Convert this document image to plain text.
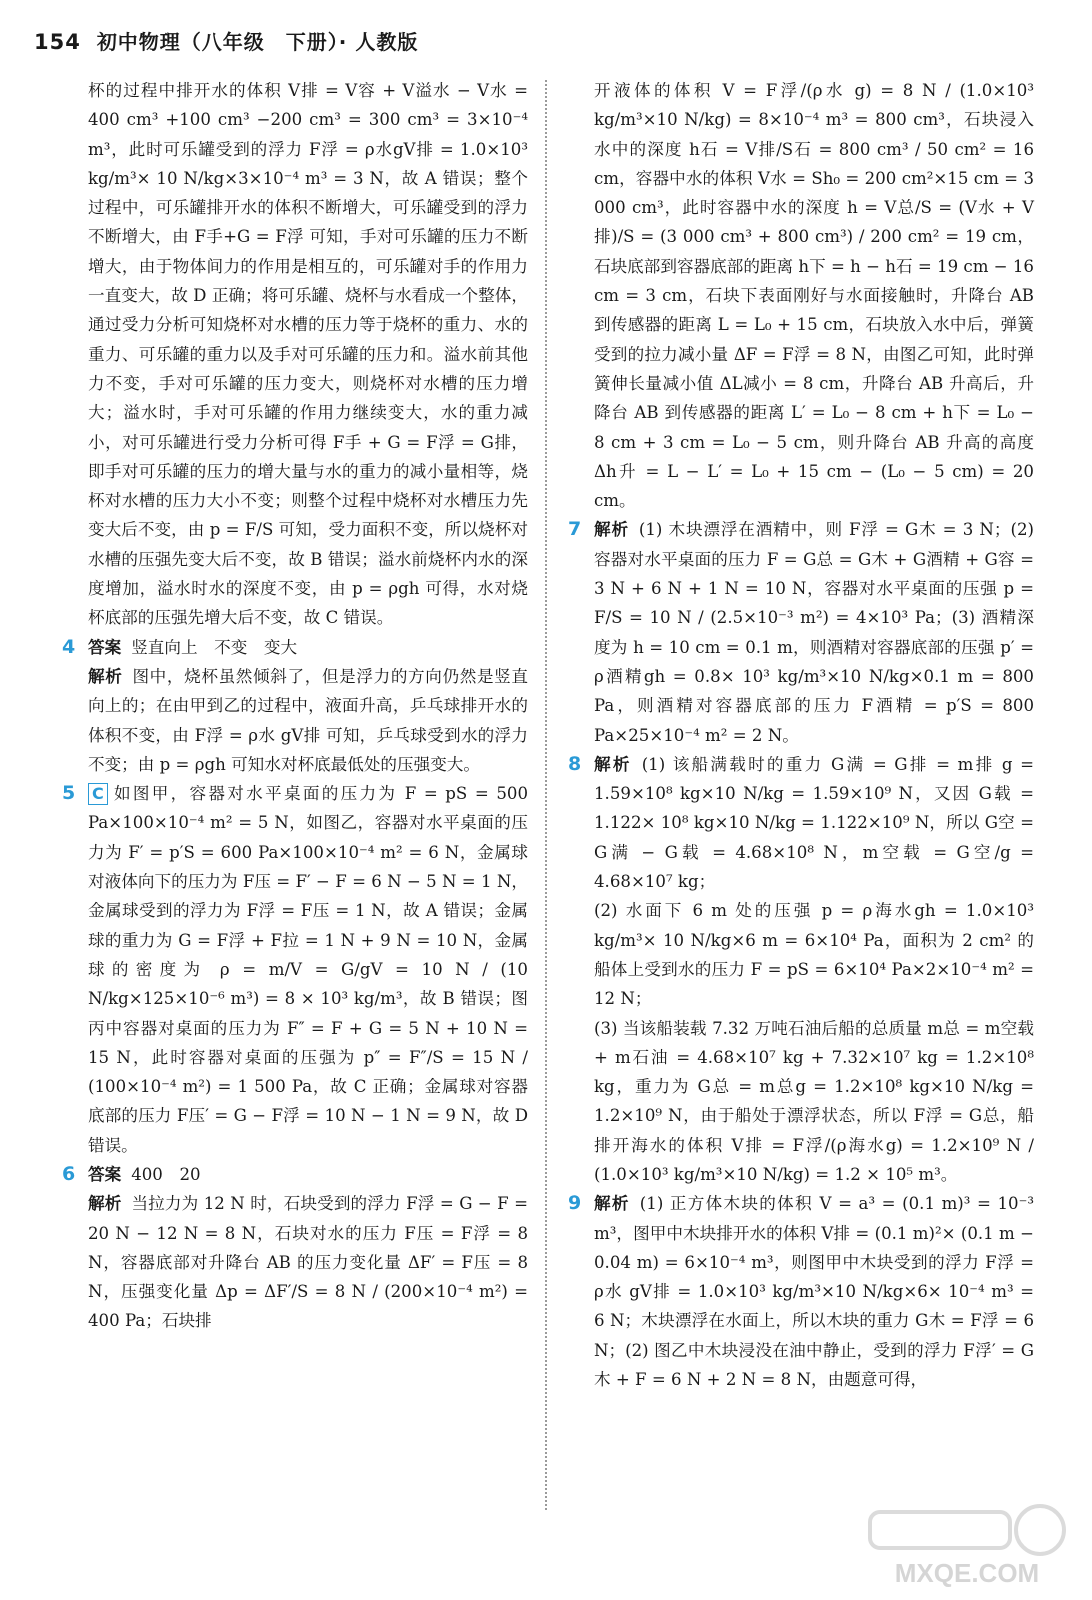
154 初中物理（八年级　下册）· 人教版

杯的过程中排开水的体积 V排 = V容 + V溢水 − V水 = 400 cm³ +100 cm³ −200 cm³ = 300 cm³ = 3×10⁻⁴ m³，此时可乐罐受到的浮力 F浮 = ρ水gV排 = 1.0×10³ kg/m³× 10 N/kg×3×10⁻⁴ m³ = 3 N，故 A 错误；整个过程中，可乐罐排开水的体积不断增大，可乐罐受到的浮力不断增大，由 F手+G = F浮 可知，手对可乐罐的压力不断增大，由于物体间力的作用是相互的，可乐罐对手的作用力一直变大，故 D 正确；将可乐罐、烧杯与水看成一个整体，通过受力分析可知烧杯对水槽的压力等于烧杯的重力、水的重力、可乐罐的重力以及手对可乐罐的压力和。溢水前其他力不变，手对可乐罐的压力变大，则烧杯对水槽的压力增大；溢水时，手对可乐罐的作用力继续变大，水的重力减小，对可乐罐进行受力分析可得 F手 + G = F浮 = G排，即手对可乐罐的压力的增大量与水的重力的减小量相等，烧杯对水槽的压力大小不变；则整个过程中烧杯对水槽压力先变大后不变，由 p = F/S 可知，受力面积不变，所以烧杯对水槽的压强先变大后不变，故 B 错误；溢水前烧杯内水的深度增加，溢水时水的深度不变，由 p = ρgh 可得，水对烧杯底部的压强先增大后不变，故 C 错误。

4 答案 竖直向上　不变　变大
解析 图中，烧杯虽然倾斜了，但是浮力的方向仍然是竖直向上的；在由甲到乙的过程中，液面升高，乒乓球排开水的体积不变，由 F浮 = ρ水 gV排 可知，乒乓球受到水的浮力不变；由 p = ρgh 可知水对杯底最低处的压强变大。
5 C 如图甲，容器对水平桌面的压力为 F = pS = 500 Pa×100×10⁻⁴ m² = 5 N，如图乙，容器对水平桌面的压力为 F′ = p′S = 600 Pa×100×10⁻⁴ m² = 6 N，金属球对液体向下的压力为 F压 = F′ − F = 6 N − 5 N = 1 N，金属球受到的浮力为 F浮 = F压 = 1 N，故 A 错误；金属球的重力为 G = F浮 + F拉 = 1 N + 9 N = 10 N，金属球的密度为 ρ = m/V = G/gV = 10 N / (10 N/kg×125×10⁻⁶ m³) = 8 × 10³ kg/m³，故 B 错误；图丙中容器对桌面的压力为 F″ = F + G = 5 N + 10 N = 15 N，此时容器对桌面的压强为 p″ = F″/S = 15 N / (100×10⁻⁴ m²) = 1 500 Pa，故 C 正确；金属球对容器底部的压力 F压′ = G − F浮 = 10 N − 1 N = 9 N，故 D 错误。
6 答案 400　20
解析 当拉力为 12 N 时，石块受到的浮力 F浮 = G − F = 20 N − 12 N = 8 N，石块对水的压力 F压 = F浮 = 8 N，容器底部对升降台 AB 的压力变化量 ΔF′ = F压 = 8 N，压强变化量 Δp = ΔF′/S = 8 N / (200×10⁻⁴ m²) = 400 Pa；石块排

开液体的体积 V = F浮/(ρ水 g) = 8 N / (1.0×10³ kg/m³×10 N/kg) = 8×10⁻⁴ m³ = 800 cm³，石块浸入水中的深度 h石 = V排/S石 = 800 cm³ / 50 cm² = 16 cm，容器中水的体积 V水 = Sh₀ = 200 cm²×15 cm = 3 000 cm³，此时容器中水的深度 h = V总/S = (V水 + V排)/S = (3 000 cm³ + 800 cm³) / 200 cm² = 19 cm，石块底部到容器底部的距离 h下 = h − h石 = 19 cm − 16 cm = 3 cm，石块下表面刚好与水面接触时，升降台 AB 到传感器的距离 L = L₀ + 15 cm，石块放入水中后，弹簧受到的拉力减小量 ΔF = F浮 = 8 N，由图乙可知，此时弹簧伸长量减小值 ΔL减小 = 8 cm，升降台 AB 升高后，升降台 AB 到传感器的距离 L′ = L₀ − 8 cm + h下 = L₀ − 8 cm + 3 cm = L₀ − 5 cm，则升降台 AB 升高的高度 Δh升 = L − L′ = L₀ + 15 cm − (L₀ − 5 cm) = 20 cm。

7 解析 (1) 木块漂浮在酒精中，则 F浮 = G木 = 3 N；(2) 容器对水平桌面的压力 F = G总 = G木 + G酒精 + G容 = 3 N + 6 N + 1 N = 10 N，容器对水平桌面的压强 p = F/S = 10 N / (2.5×10⁻³ m²) = 4×10³ Pa；(3) 酒精深度为 h = 10 cm = 0.1 m，则酒精对容器底部的压强 p′ = ρ酒精gh = 0.8× 10³ kg/m³×10 N/kg×0.1 m = 800 Pa，则酒精对容器底部的压力 F酒精 = p′S = 800 Pa×25×10⁻⁴ m² = 2 N。
8 解析 (1) 该船满载时的重力 G满 = G排 = m排 g = 1.59×10⁸ kg×10 N/kg = 1.59×10⁹ N，又因 G载 = 1.122× 10⁸ kg×10 N/kg = 1.122×10⁹ N，所以 G空 = G满 − G载 = 4.68×10⁸ N，m空载 = G空/g = 4.68×10⁷ kg；
(2) 水面下 6 m 处的压强 p = ρ海水gh = 1.0×10³ kg/m³× 10 N/kg×6 m = 6×10⁴ Pa，面积为 2 cm² 的船体上受到水的压力 F = pS = 6×10⁴ Pa×2×10⁻⁴ m² = 12 N；
(3) 当该船装载 7.32 万吨石油后船的总质量 m总 = m空载 + m石油 = 4.68×10⁷ kg + 7.32×10⁷ kg = 1.2×10⁸ kg，重力为 G总 = m总g = 1.2×10⁸ kg×10 N/kg = 1.2×10⁹ N，由于船处于漂浮状态，所以 F浮 = G总，船排开海水的体积 V排 = F浮/(ρ海水g) = 1.2×10⁹ N / (1.0×10³ kg/m³×10 N/kg) = 1.2 × 10⁵ m³。
9 解析 (1) 正方体木块的体积 V = a³ = (0.1 m)³ = 10⁻³ m³，图甲中木块排开水的体积 V排 = (0.1 m)²× (0.1 m − 0.04 m) = 6×10⁻⁴ m³，则图甲中木块受到的浮力 F浮 = ρ水 gV排 = 1.0×10³ kg/m³×10 N/kg×6× 10⁻⁴ m³ = 6 N；木块漂浮在水面上，所以木块的重力 G木 = F浮 = 6 N；(2) 图乙中木块浸没在油中静止，受到的浮力 F浮′ = G木 + F = 6 N + 2 N = 8 N，由题意可得，
MXQE.COM
